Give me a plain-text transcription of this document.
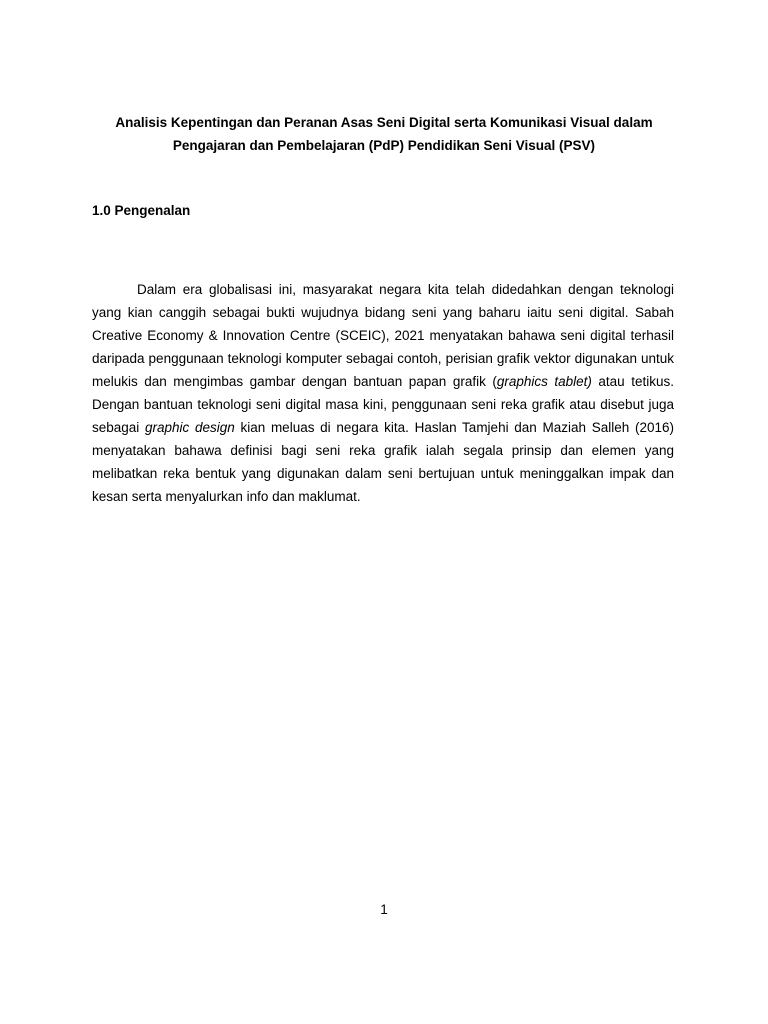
Analisis Kepentingan dan Peranan Asas Seni Digital serta Komunikasi Visual dalam
Pengajaran dan Pembelajaran (PdP) Pendidikan Seni Visual (PSV)
1.0 Pengenalan

Dalam era globalisasi ini, masyarakat negara kita telah didedahkan dengan teknologi yang kian canggih sebagai bukti wujudnya bidang seni yang baharu iaitu seni digital. Sabah Creative Economy & Innovation Centre (SCEIC), 2021 menyatakan bahawa seni digital terhasil daripada penggunaan teknologi komputer sebagai contoh, perisian grafik vektor digunakan untuk melukis dan mengimbas gambar dengan bantuan papan grafik (graphics tablet) atau tetikus. Dengan bantuan teknologi seni digital masa kini, penggunaan seni reka grafik atau disebut juga sebagai graphic design kian meluas di negara kita. Haslan Tamjehi dan Maziah Salleh (2016) menyatakan bahawa definisi bagi seni reka grafik ialah segala prinsip dan elemen yang melibatkan reka bentuk yang digunakan dalam seni bertujuan untuk meninggalkan impak dan kesan serta menyalurkan info dan maklumat.

1
